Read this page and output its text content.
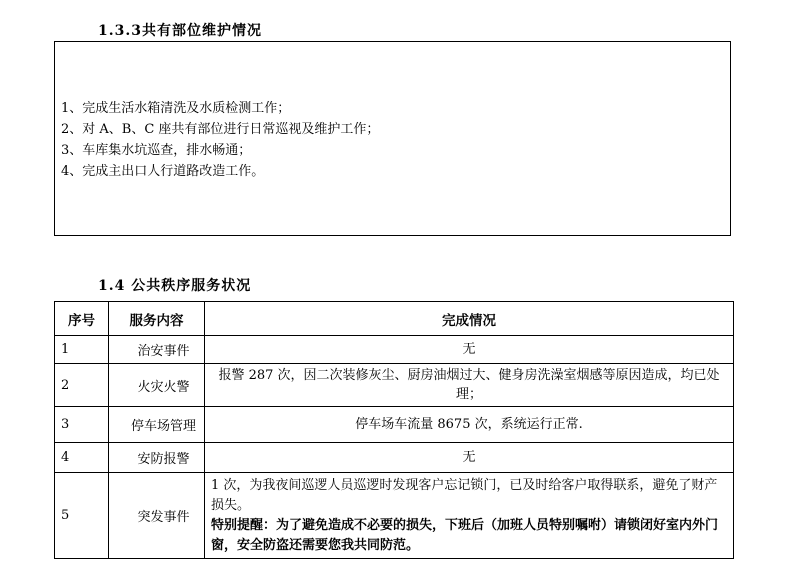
1.3.3共有部位维护情况
1、完成生活水箱清洗及水质检测工作；
2、对 A、B、C 座共有部位进行日常巡视及维护工作；
3、车库集水坑巡查，排水畅通；
4、完成主出口人行道路改造工作。
1.4 公共秩序服务状况
序号	服务内容	完成情况
1	治安事件	无
2	火灾火警	报警 287 次，因二次装修灰尘、厨房油烟过大、健身房洗澡室烟感等原因造成，均已处理；
3	停车场管理	停车场车流量 8675 次，系统运行正常.
4	安防报警	无
5	突发事件	1 次，为我夜间巡逻人员巡逻时发现客户忘记锁门，已及时给客户取得联系，避免了财产损失。
特别提醒：为了避免造成不必要的损失，下班后（加班人员特别嘱咐）请锁闭好室内外门窗，安全防盗还需要您我共同防范。
